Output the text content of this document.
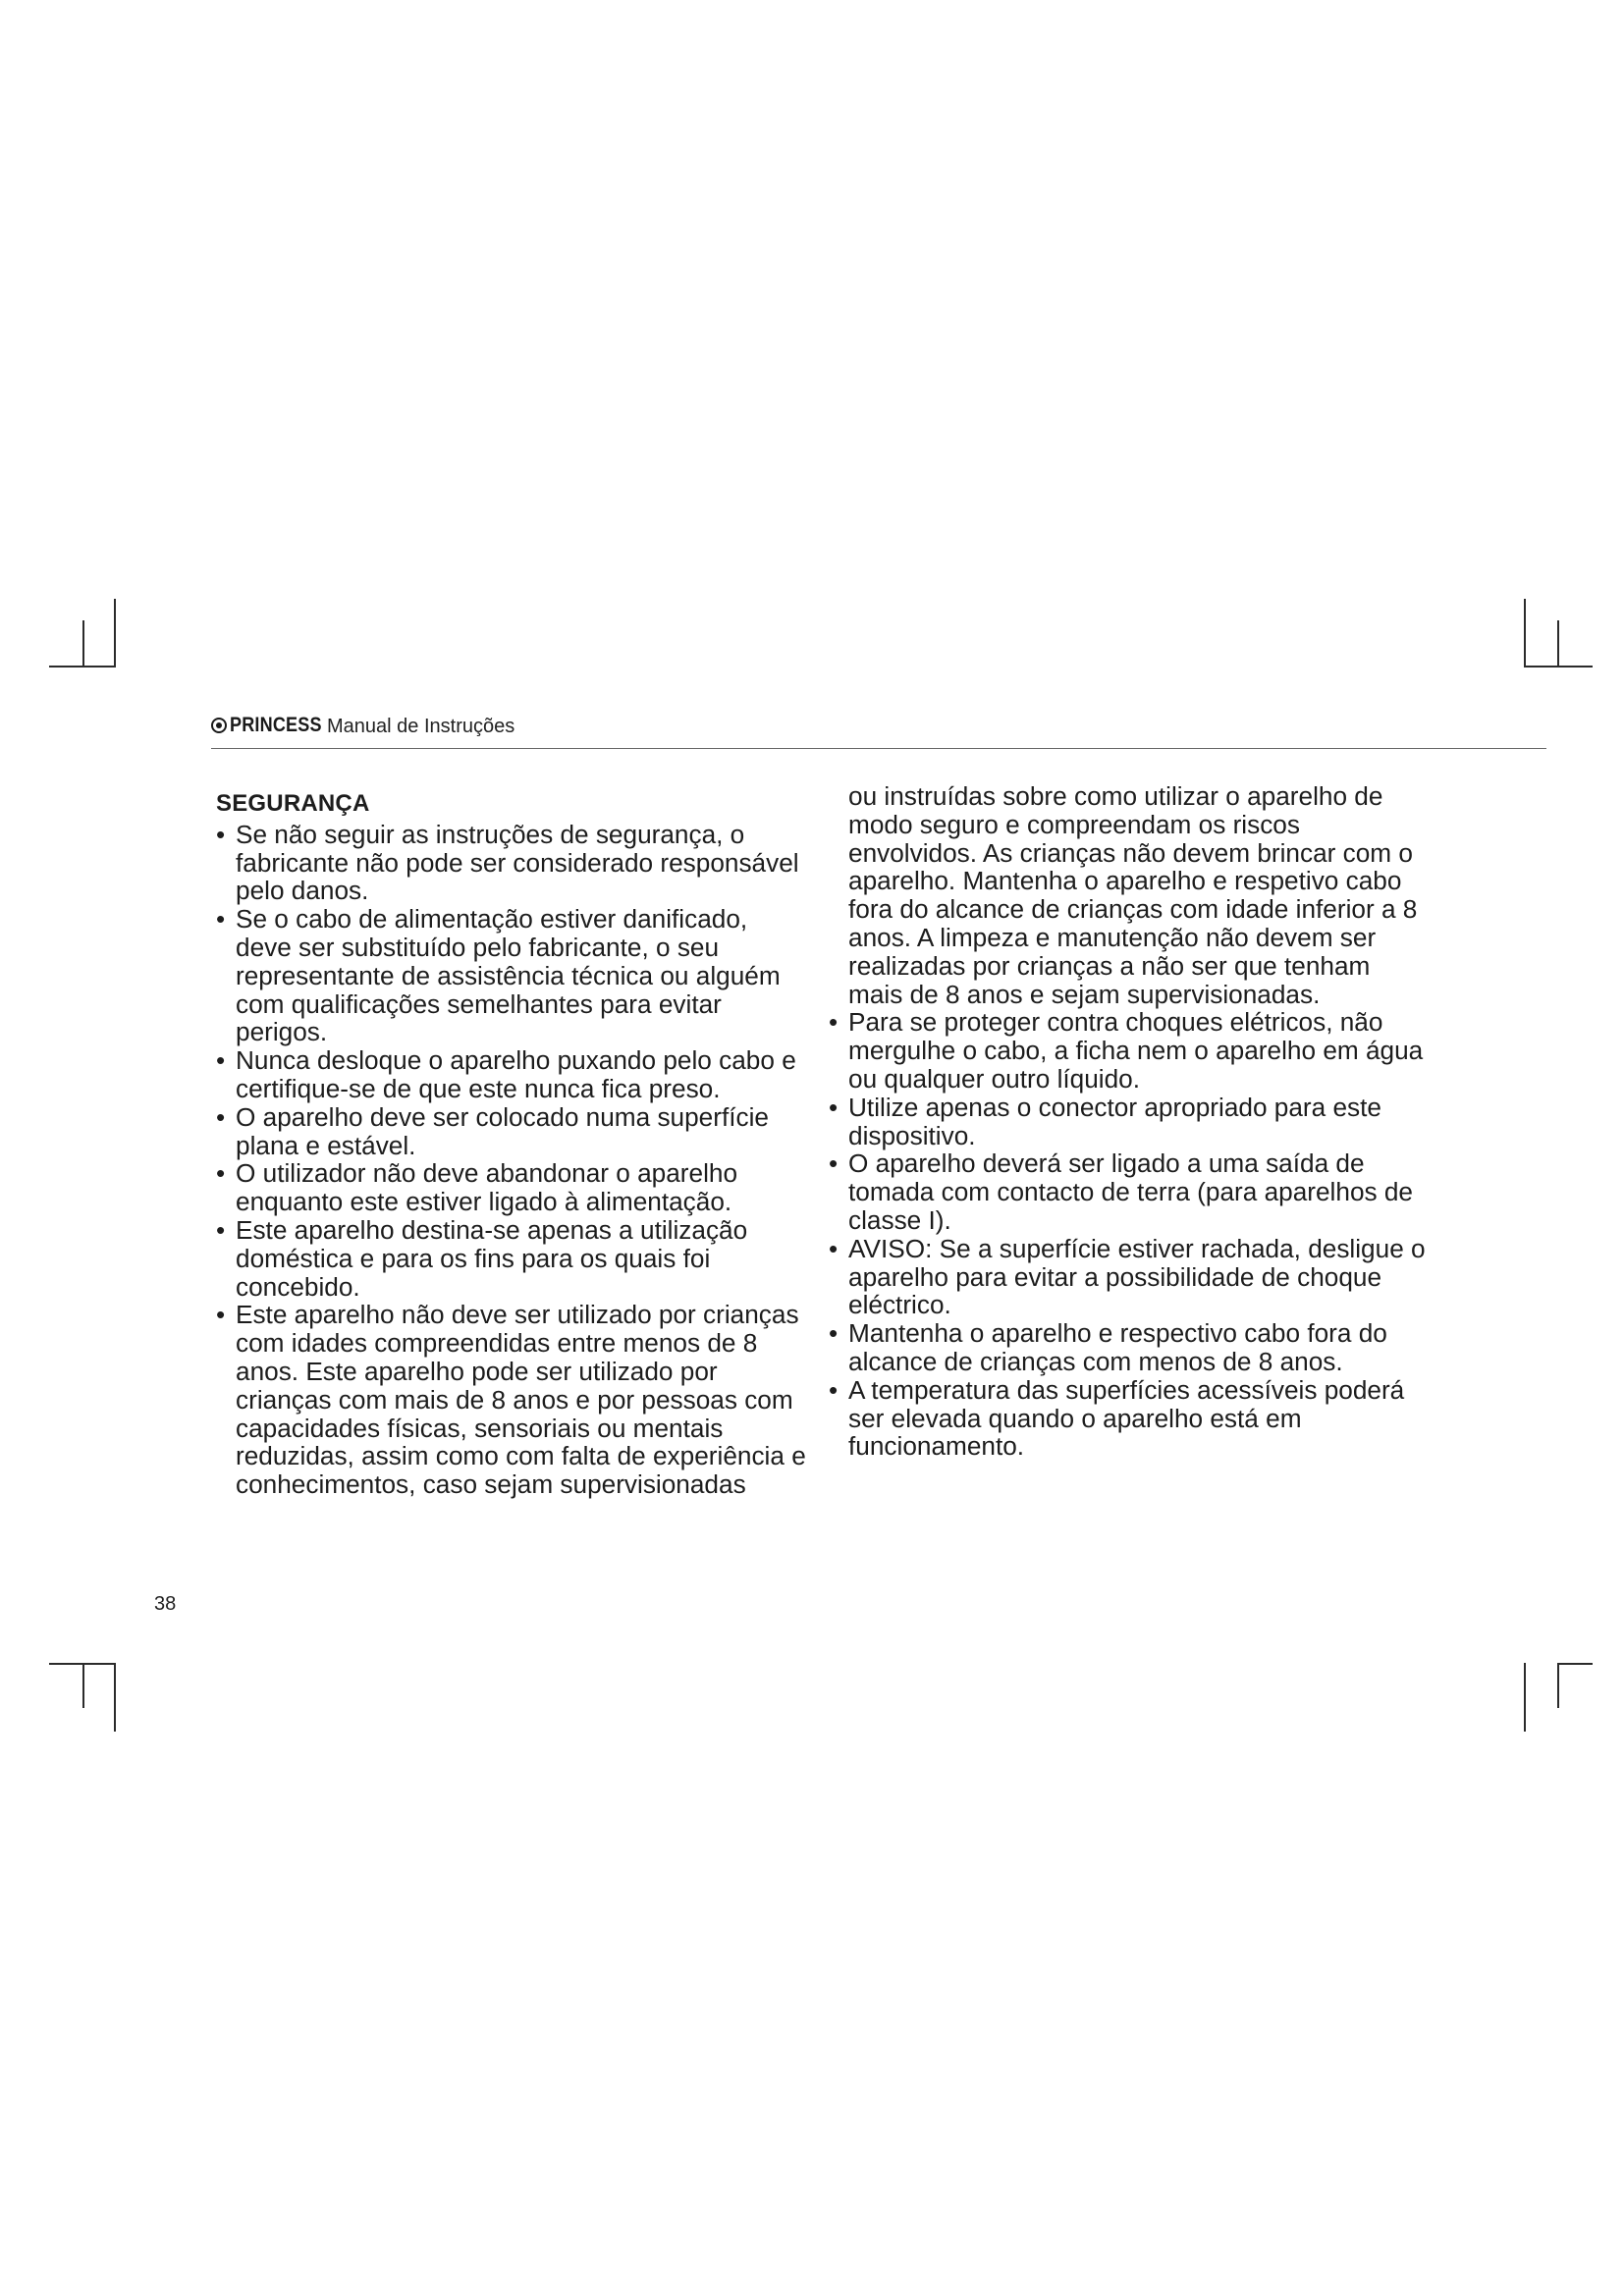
PRINCESS Manual de Instruções
SEGURANÇA
• Se não seguir as instruções de segurança, o fabricante não pode ser considerado responsável pelo danos.
• Se o cabo de alimentação estiver danificado, deve ser substituído pelo fabricante, o seu representante de assistência técnica ou alguém com qualificações semelhantes para evitar perigos.
• Nunca desloque o aparelho puxando pelo cabo e certifique-se de que este nunca fica preso.
• O aparelho deve ser colocado numa superfície plana e estável.
• O utilizador não deve abandonar o aparelho enquanto este estiver ligado à alimentação.
• Este aparelho destina-se apenas a utilização doméstica e para os fins para os quais foi concebido.
• Este aparelho não deve ser utilizado por crianças com idades compreendidas entre menos de 8 anos. Este aparelho pode ser utilizado por crianças com mais de 8 anos e por pessoas com capacidades físicas, sensoriais ou mentais reduzidas, assim como com falta de experiência e conhecimentos, caso sejam supervisionadas
ou instruídas sobre como utilizar o aparelho de modo seguro e compreendam os riscos envolvidos. As crianças não devem brincar com o aparelho. Mantenha o aparelho e respetivo cabo fora do alcance de crianças com idade inferior a 8 anos. A limpeza e manutenção não devem ser realizadas por crianças a não ser que tenham mais de 8 anos e sejam supervisionadas.
• Para se proteger contra choques elétricos, não mergulhe o cabo, a ficha nem o aparelho em água ou qualquer outro líquido.
• Utilize apenas o conector apropriado para este dispositivo.
• O aparelho deverá ser ligado a uma saída de tomada com contacto de terra (para aparelhos de classe I).
• AVISO: Se a superfície estiver rachada, desligue o aparelho para evitar a possibilidade de choque eléctrico.
• Mantenha o aparelho e respectivo cabo fora do alcance de crianças com menos de 8 anos.
• A temperatura das superfícies acessíveis poderá ser elevada quando o aparelho está em funcionamento.
38
